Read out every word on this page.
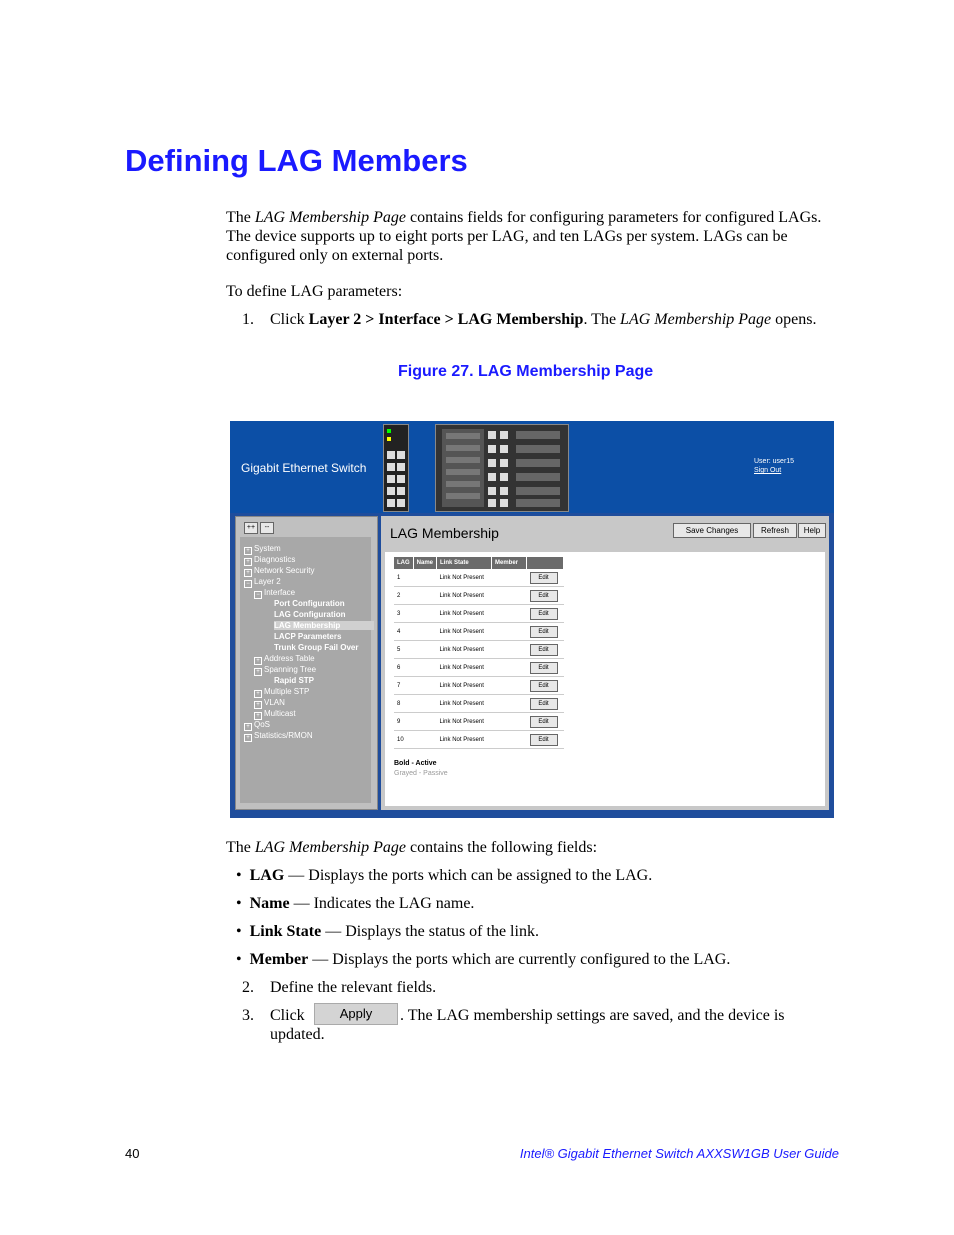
Defining LAG Members
The LAG Membership Page contains fields for configuring parameters for configured LAGs. The device supports up to eight ports per LAG, and ten LAGs per system. LAGs can be configured only on external ports.
To define LAG parameters:
1. Click Layer 2 > Interface > LAG Membership. The LAG Membership Page opens.
Figure 27. LAG Membership Page
Gigabit Ethernet Switch	User: user15
Sign Out
++	--
+ System
+ Diagnostics
+ Network Security
− Layer 2
− Interface
Port Configuration
LAG Configuration
LAG Membership
LACP Parameters
Trunk Group Fail Over
+ Address Table
+ Spanning Tree
Rapid STP
+ Multiple STP
+ VLAN
+ Multicast
+ QoS
+ Statistics/RMON
LAG Membership	Save Changes	Refresh	Help
LAG	Name	Link State	Member	
1		Link Not Present		Edit
2		Link Not Present		Edit
3		Link Not Present		Edit
4		Link Not Present		Edit
5		Link Not Present		Edit
6		Link Not Present		Edit
7		Link Not Present		Edit
8		Link Not Present		Edit
9		Link Not Present		Edit
10		Link Not Present		Edit
Bold - Active
Grayed - Passive
The LAG Membership Page contains the following fields:
•  LAG — Displays the ports which can be assigned to the LAG.
•  Name — Indicates the LAG name.
•  Link State — Displays the status of the link.
•  Member — Displays the ports which are currently configured to the LAG.
2. Define the relevant fields.
3. Click	Apply	. The LAG membership settings are saved, and the device is updated.
40	Intel® Gigabit Ethernet Switch AXXSW1GB User Guide
